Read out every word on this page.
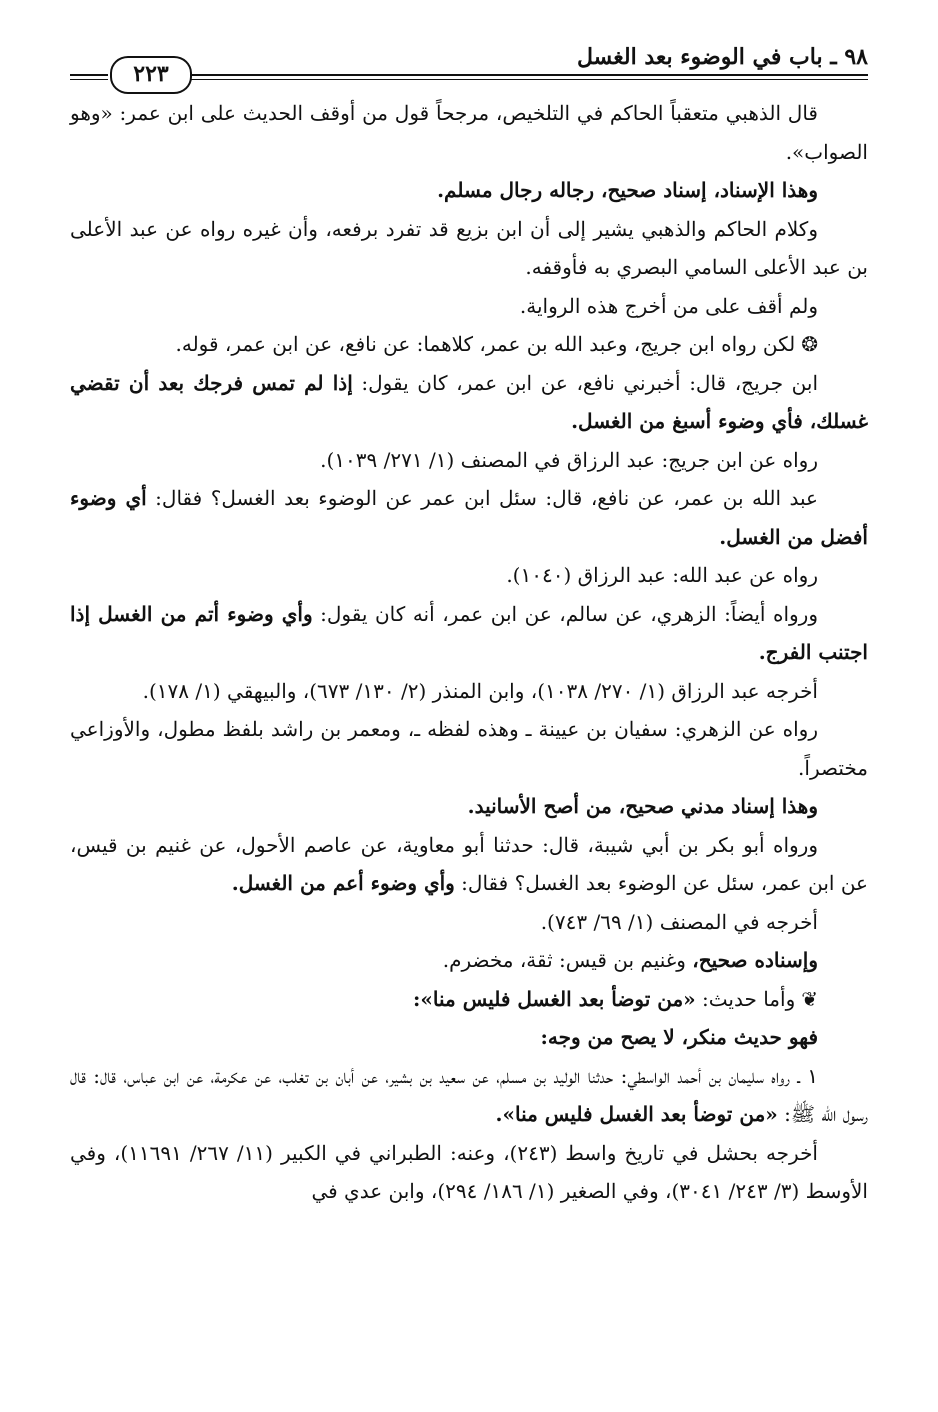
٩٨ ـ باب في الوضوء بعد الغسل
٢٢٣

قال الذهبي متعقباً الحاكم في التلخيص، مرجحاً قول من أوقف الحديث على ابن عمر: «وهو الصواب».

وهذا الإسناد، إسناد صحيح، رجاله رجال مسلم.

وكلام الحاكم والذهبي يشير إلى أن ابن بزيع قد تفرد برفعه، وأن غيره رواه عن عبد الأعلى بن عبد الأعلى السامي البصري به فأوقفه.

ولم أقف على من أخرج هذه الرواية.

❂لكن رواه ابن جريج، وعبد الله بن عمر، كلاهما: عن نافع، عن ابن عمر، قوله.

ابن جريج، قال: أخبرني نافع، عن ابن عمر، كان يقول: إذا لم تمس فرجك بعد أن تقضي غسلك، فأي وضوء أسبغ من الغسل.

رواه عن ابن جريج: عبد الرزاق في المصنف (١/ ٢٧١/ ١٠٣٩).

عبد الله بن عمر، عن نافع، قال: سئل ابن عمر عن الوضوء بعد الغسل؟ فقال: أي وضوء أفضل من الغسل.

رواه عن عبد الله: عبد الرزاق (١٠٤٠).

ورواه أيضاً: الزهري، عن سالم، عن ابن عمر، أنه كان يقول: وأي وضوء أتم من الغسل إذا اجتنب الفرج.

أخرجه عبد الرزاق (١/ ٢٧٠/ ١٠٣٨)، وابن المنذر (٢/ ١٣٠/ ٦٧٣)، والبيهقي (١/ ١٧٨).

رواه عن الزهري: سفيان بن عيينة ـ وهذه لفظه ـ، ومعمر بن راشد بلفظ مطول، والأوزاعي مختصراً.

وهذا إسناد مدني صحيح، من أصح الأسانيد.

ورواه أبو بكر بن أبي شيبة، قال: حدثنا أبو معاوية، عن عاصم الأحول، عن غنيم بن قيس، عن ابن عمر، سئل عن الوضوء بعد الغسل؟ فقال: وأي وضوء أعم من الغسل.

أخرجه في المصنف (١/ ٦٩/ ٧٤٣).

وإسناده صحيح، وغنيم بن قيس: ثقة، مخضرم.

❦وأما حديث: «من توضأ بعد الغسل فليس منا»:

فهو حديث منكر، لا يصح من وجه:

١ ـ رواه سليمان بن أحمد الواسطي: حدثنا الوليد بن مسلم، عن سعيد بن بشير، عن أبان بن تغلب، عن عكرمة، عن ابن عباس، قال: قال رسول الله ﷺ: «من توضأ بعد الغسل فليس منا».

أخرجه بحشل في تاريخ واسط (٢٤٣)، وعنه: الطبراني في الكبير (١١/ ٢٦٧/ ١١٦٩١)، وفي الأوسط (٣/ ٢٤٣/ ٣٠٤١)، وفي الصغير (١/ ١٨٦/ ٢٩٤)، وابن عدي في
